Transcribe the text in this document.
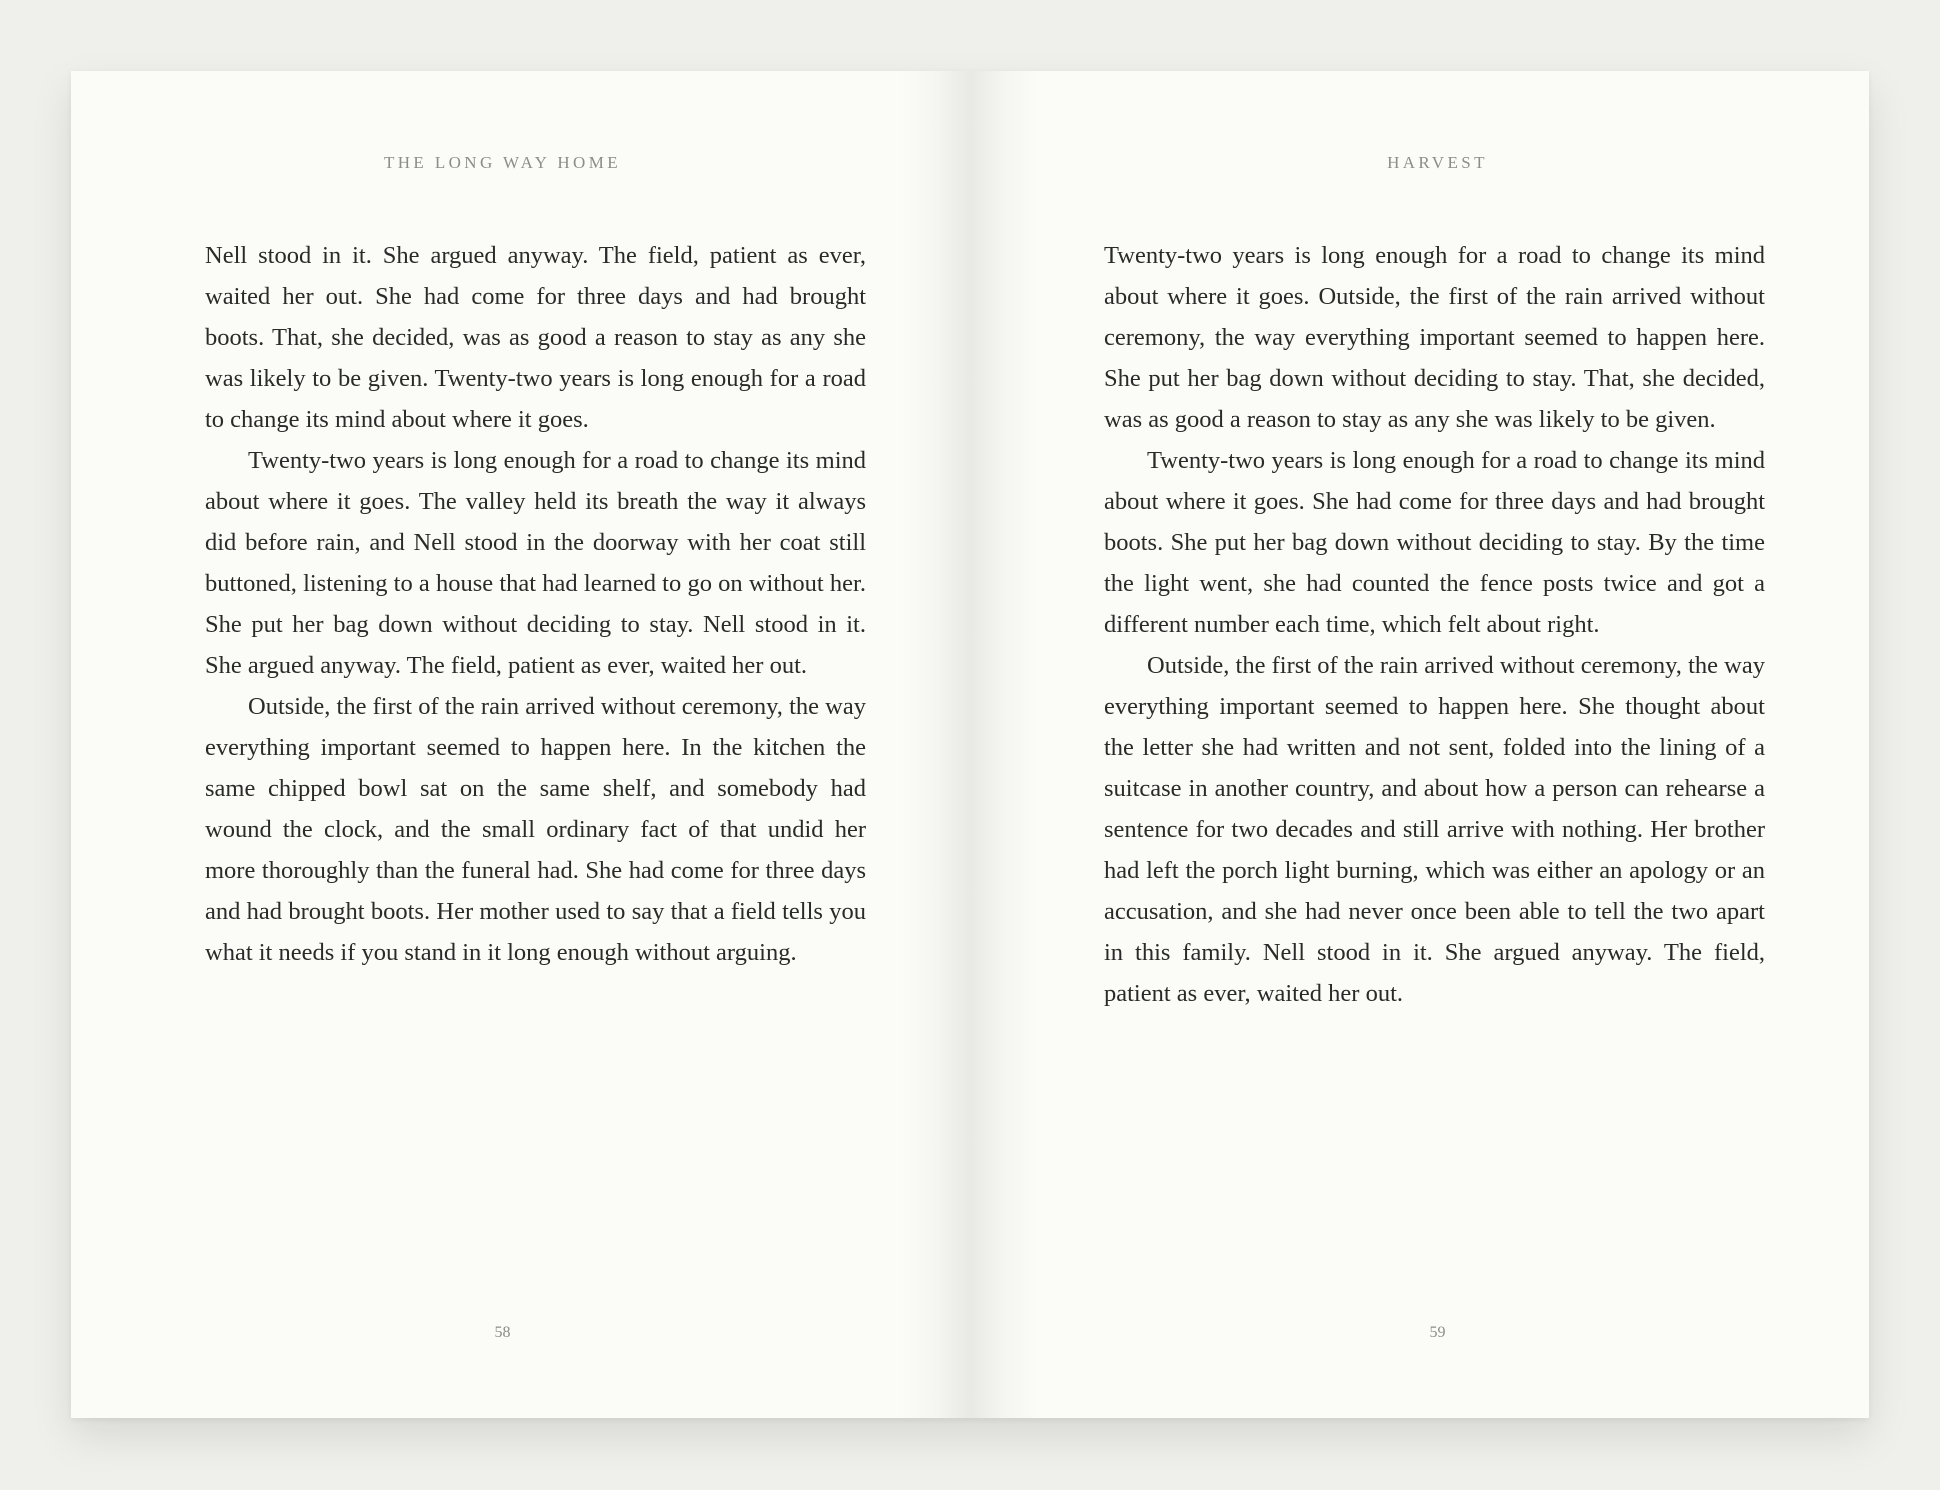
THE LONG WAY HOME

Nell stood in it. She argued anyway. The field, patient as ever, waited her out. She had come for three days and had brought boots. That, she decided, was as good a reason to stay as any she was likely to be given. Twenty-two years is long enough for a road to change its mind about where it goes.

Twenty-two years is long enough for a road to change its mind about where it goes. The valley held its breath the way it always did before rain, and Nell stood in the doorway with her coat still buttoned, listening to a house that had learned to go on without her. She put her bag down without deciding to stay. Nell stood in it. She argued anyway. The field, patient as ever, waited her out.

Outside, the first of the rain arrived without ceremony, the way everything important seemed to happen here. In the kitchen the same chipped bowl sat on the same shelf, and somebody had wound the clock, and the small ordinary fact of that undid her more thoroughly than the funeral had. She had come for three days and had brought boots. Her mother used to say that a field tells you what it needs if you stand in it long enough without arguing.

58
HARVEST

Twenty-two years is long enough for a road to change its mind about where it goes. Outside, the first of the rain arrived without ceremony, the way everything important seemed to happen here. She put her bag down without deciding to stay. That, she decided, was as good a reason to stay as any she was likely to be given.

Twenty-two years is long enough for a road to change its mind about where it goes. She had come for three days and had brought boots. She put her bag down without deciding to stay. By the time the light went, she had counted the fence posts twice and got a different number each time, which felt about right.

Outside, the first of the rain arrived without ceremony, the way everything important seemed to happen here. She thought about the letter she had written and not sent, folded into the lining of a suitcase in another country, and about how a person can rehearse a sentence for two decades and still arrive with nothing. Her brother had left the porch light burning, which was either an apology or an accusation, and she had never once been able to tell the two apart in this family. Nell stood in it. She argued anyway. The field, patient as ever, waited her out.

59
